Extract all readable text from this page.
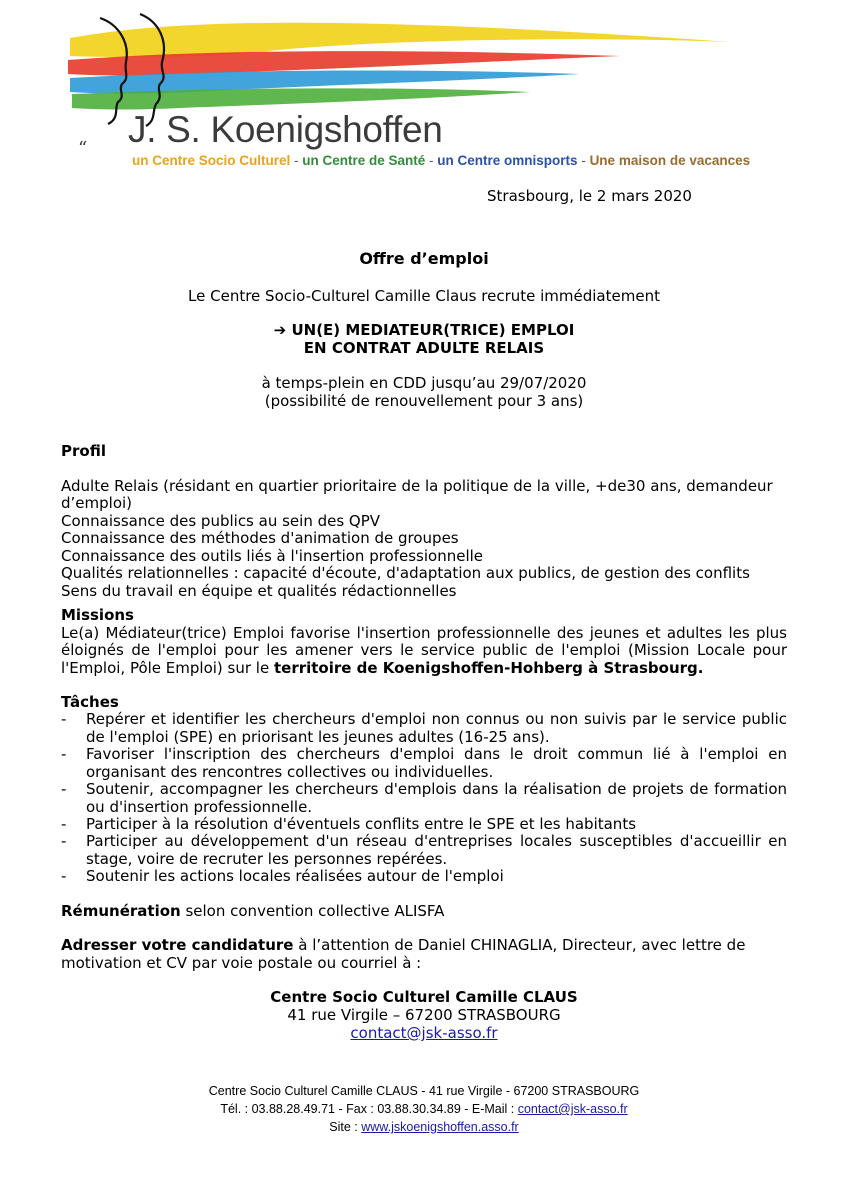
“ J. S. Koenigshoffen
un Centre Socio Culturel - un Centre de Santé - un Centre omnisports - Une maison de vacances
Strasbourg, le 2 mars 2020
Offre d’emploi
Le Centre Socio-Culturel Camille Claus recrute immédiatement
➔ UN(E) MEDIATEUR(TRICE) EMPLOI
EN CONTRAT ADULTE RELAIS
à temps-plein en CDD jusqu’au 29/07/2020
(possibilité de renouvellement pour 3 ans)
Profil
Adulte Relais (résidant en quartier prioritaire de la politique de la ville, +de30 ans, demandeur d’emploi)
Connaissance des publics au sein des QPV
Connaissance des méthodes d'animation de groupes
Connaissance des outils liés à l'insertion professionnelle
Qualités relationnelles : capacité d'écoute, d'adaptation aux publics, de gestion des conflits
Sens du travail en équipe et qualités rédactionnelles
Missions
Le(a) Médiateur(trice) Emploi favorise l'insertion professionnelle des jeunes et adultes les plus éloignés de l'emploi pour les amener vers le service public de l'emploi (Mission Locale pour l'Emploi, Pôle Emploi) sur le territoire de Koenigshoffen-Hohberg à Strasbourg.
Tâches
-	Repérer et identifier les chercheurs d'emploi non connus ou non suivis par le service public de l'emploi (SPE) en priorisant les jeunes adultes (16-25 ans).
-	Favoriser l'inscription des chercheurs d'emploi dans le droit commun lié à l'emploi en organisant des rencontres collectives ou individuelles.
-	Soutenir, accompagner les chercheurs d'emplois dans la réalisation de projets de formation ou d'insertion professionnelle.
-	Participer à la résolution d'éventuels conflits entre le SPE et les habitants
-	Participer au développement d'un réseau d'entreprises locales susceptibles d'accueillir en stage, voire de recruter les personnes repérées.
-	Soutenir les actions locales réalisées autour de l'emploi
Rémunération selon convention collective ALISFA
Adresser votre candidature à l’attention de Daniel CHINAGLIA, Directeur, avec lettre de motivation et CV par voie postale ou courriel à :
Centre Socio Culturel Camille CLAUS
41 rue Virgile – 67200 STRASBOURG
contact@jsk-asso.fr
Centre Socio Culturel Camille CLAUS - 41 rue Virgile - 67200 STRASBOURG
Tél. : 03.88.28.49.71 - Fax : 03.88.30.34.89 - E-Mail : contact@jsk-asso.fr
Site : www.jskoenigshoffen.asso.fr
